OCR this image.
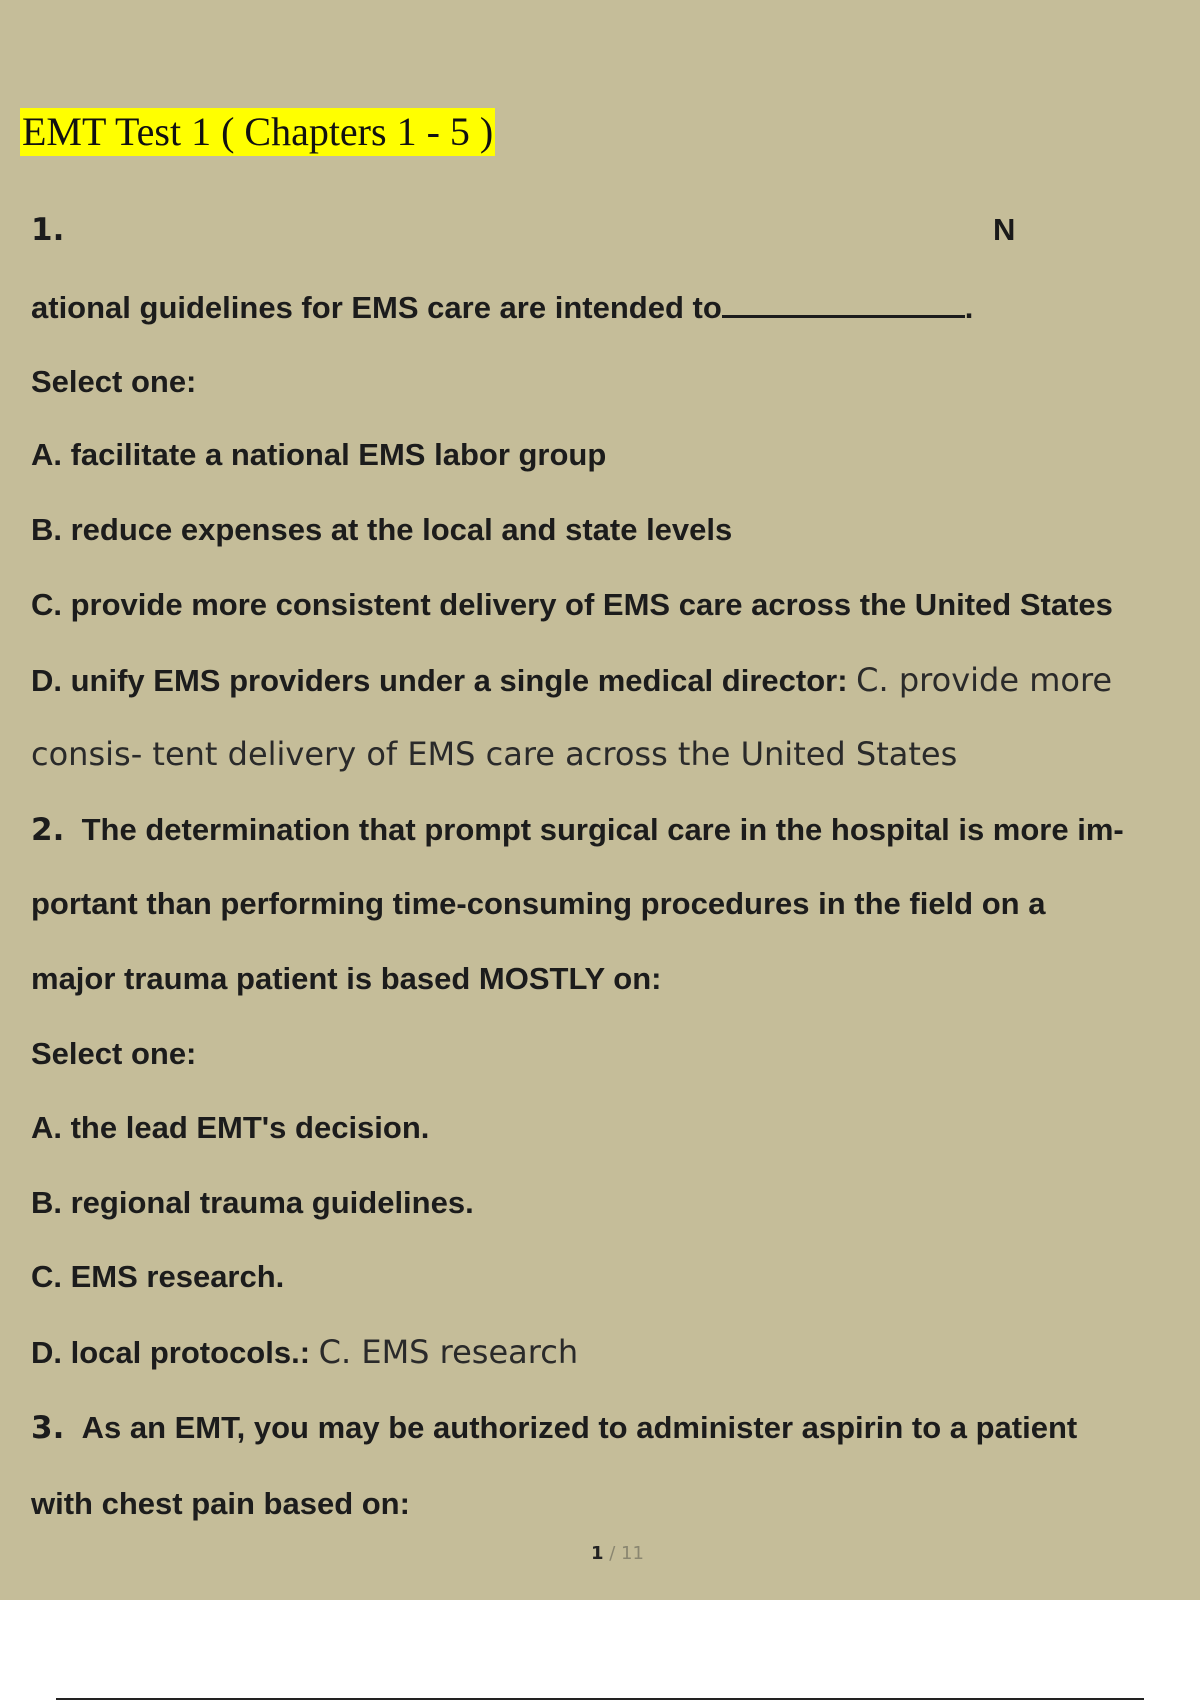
EMT Test 1 ( Chapters 1 - 5 )
1.	N
ational guidelines for EMS care are intended to	.
Select one:
A. facilitate a national EMS labor group
B. reduce expenses at the local and state levels
C. provide more consistent delivery of EMS care across the United States
D. unify EMS providers under a single medical director: C. provide more
consis- tent delivery of EMS care across the United States
2. The determination that prompt surgical care in the hospital is more im-
portant than performing time-consuming procedures in the field on a
major trauma patient is based MOSTLY on:
Select one:
A. the lead EMT's decision.
B. regional trauma guidelines.
C. EMS research.
D. local protocols.: C. EMS research
3. As an EMT, you may be authorized to administer aspirin to a patient
with chest pain based on:
1 / 11
